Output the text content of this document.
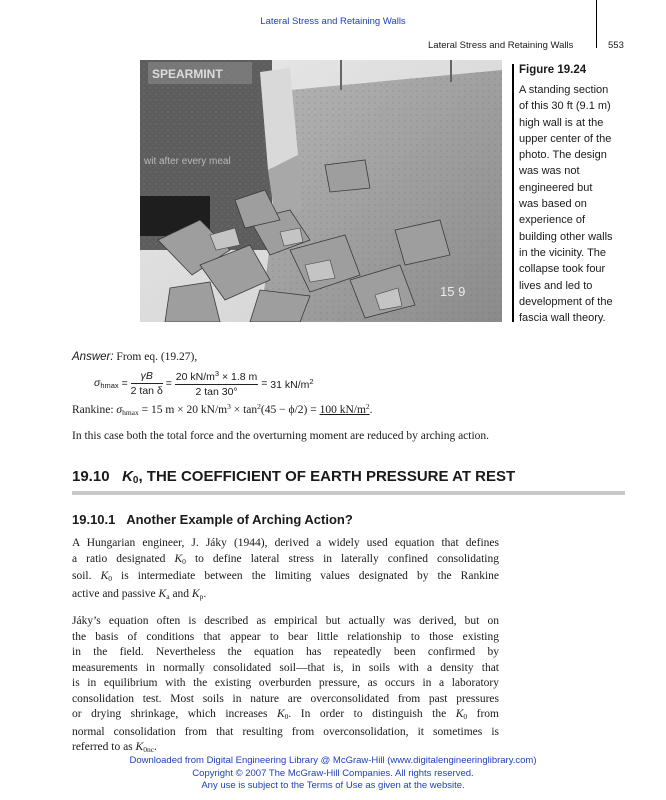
Lateral Stress and Retaining Walls
Lateral Stress and Retaining Walls	553
SPEARMINT
wit after every meal
15 9
Figure 19.24
A standing section
of this 30 ft (9.1 m)
high wall is at the
upper center of the
photo. The design
was was not
engineered but
was based on
experience of
building other walls
in the vicinity. The
collapse took four
lives and led to
development of the
fascia wall theory.
Answer: From eq. (19.27),
$\sigma_{hmax} = \frac{\gamma B}{\text{2 tan δ}} = \frac{20 kN/m^3 \times 1.8 m}{2 \tan 30^\circ} = 31$ $kN/m^2$
Rankine: $\sigma_{hmax} = 15$ m × 20 $kN/m^3 \times \tan^2(45 - \phi/2) = 100$ $kN/m^2$.
In this case both the total force and the overturning moment are reduced by arching action.
19.10 $K_0$, THE COEFFICIENT OF EARTH PRESSURE AT REST
19.10.1 Another Example of Arching Action?
A Hungarian engineer, J. Jáky (1944), derived a widely used equation that defines
a ratio designated $K_0$ to define lateral stress in laterally confined consolidating
soil. $K_0$ is intermediate between the limiting values designated by the Rankine
active and passive $K_a$ and $K_p$.
Jáky’s equation often is described as empirical but actually was derived, but on
the basis of conditions that appear to bear little relationship to those existing
in the field. Nevertheless the equation has repeatedly been confirmed by
measurements in normally consolidated soil—that is, in soils with a density that
is in equilibrium with the existing overburden pressure, as occurs in a laboratory
consolidation test. Most soils in nature are overconsolidated from past pressures
or drying shrinkage, which increases $K_0$. In order to distinguish the $K_0$ from
normal consolidation from that resulting from overconsolidation, it sometimes is
referred to as $K_{0nc}$.
Downloaded from Digital Engineering Library @ McGraw-Hill (www.digitalengineeringlibrary.com)
Copyright © 2007 The McGraw-Hill Companies. All rights reserved.
Any use is subject to the Terms of Use as given at the website.
